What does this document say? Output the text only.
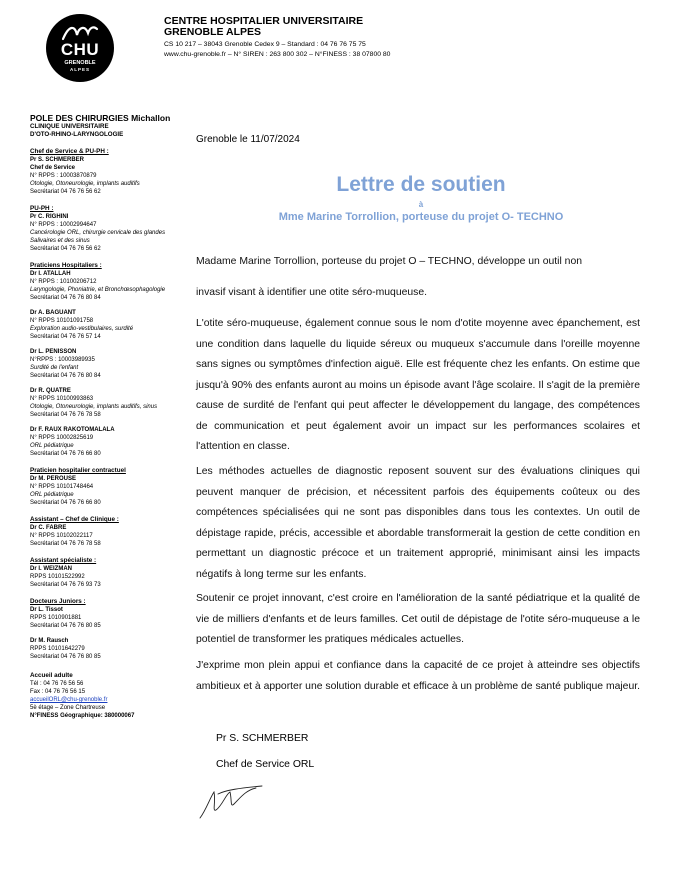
CHU
GRENOBLE
ALPES
CENTRE HOSPITALIER UNIVERSITAIRE
GRENOBLE ALPES
CS 10 217 – 38043 Grenoble Cedex 9 – Standard : 04 76 76 75 75
www.chu-grenoble.fr – N° SIREN : 263 800 302 – N°FINESS : 38 07800 80
POLE DES CHIRURGIES Michallon
CLINIQUE UNIVERSITAIRE
D'OTO-RHINO-LARYNGOLOGIE
Chef de Service & PU-PH :
Pr S. SCHMERBER
Chef de Service
N° RPPS : 10003870879
Otologie, Otoneurologie, implants auditifs
Secrétariat 04 76 76 56 62
PU-PH :
Pr C. RIGHINI
N° RPPS : 10002994647
Cancérologie ORL, chirurgie cervicale des glandes Salivaires et des sinus
Secrétariat 04 76 76 56 62
Praticiens Hospitaliers :
Dr I. ATALLAH
N° RPPS : 10100206712
Laryngologie, Phoniatrie, et Bronchœsophagologie
Secrétariat 04 76 76 80 84
Dr A. BAGUANT
N° RPPS 10101091758
Exploration audio-vestibulaires, surdité
Secrétariat 04 76 76 57 14
Dr L. PENISSON
N°RPPS : 10003989935
Surdité de l'enfant
Secrétariat 04 76 76 80 84
Dr R. QUATRE
N° RPPS 10100993863
Otologie, Otoneurologie, implants auditifs, sinus
Secrétariat 04 76 76 78 58
Dr F. RAUX RAKOTOMALALA
N° RPPS 10002825619
ORL pédiatrique
Secrétariat 04 76 76 66 80
Praticien hospitalier contractuel
Dr M. PEROUSE
N° RPPS 10101748464
ORL pédiatrique
Secrétariat 04 76 76 66 80
Assistant – Chef de Clinique :
Dr C. FABRE
N° RPPS 10102022117
Secrétariat 04 76 76 78 58
Assistant spécialiste :
Dr I. WEIZMAN
RPPS 10101522992
Secrétariat 04 76 76 93 73
Docteurs Juniors :
Dr L. Tissot
RPPS 1010901881
Secrétariat 04 76 76 80 85
Dr M. Rausch
RPPS 10101642279
Secrétariat 04 76 76 80 85
Accueil adulte
Tél : 04 76 76 56 56
Fax : 04 76 76 56 15
accueilORL@chu-grenoble.fr
5è étage – Zone Chartreuse
N°FINESS Géographique: 380000067
Grenoble le 11/07/2024
Lettre de soutien
à
Mme Marine Torrollion, porteuse du projet O- TECHNO

Madame Marine Torrollion, porteuse du projet O – TECHNO, développe un outil non

invasif visant à identifier une otite séro-muqueuse.

L'otite séro-muqueuse, également connue sous le nom d'otite moyenne avec épanchement, est une condition dans laquelle du liquide séreux ou muqueux s'accumule dans l'oreille moyenne sans signes ou symptômes d'infection aiguë. Elle est fréquente chez les enfants. On estime que jusqu'à 90% des enfants auront au moins un épisode avant l'âge scolaire. Il s'agit de la première cause de surdité de l'enfant qui peut affecter le développement du langage, des compétences de communication et peut également avoir un impact sur les performances scolaires et l'attention en classe.

Les méthodes actuelles de diagnostic reposent souvent sur des évaluations cliniques qui peuvent manquer de précision, et nécessitent parfois des équipements coûteux ou des compétences spécialisées qui ne sont pas disponibles dans tous les contextes. Un outil de dépistage rapide, précis, accessible et abordable transformerait la gestion de cette condition en permettant un diagnostic précoce et un traitement approprié, minimisant ainsi les impacts négatifs à long terme sur les enfants.

Soutenir ce projet innovant, c'est croire en l'amélioration de la santé pédiatrique et la qualité de vie de milliers d'enfants et de leurs familles. Cet outil de dépistage de l'otite séro-muqueuse a le potentiel de transformer les pratiques médicales actuelles.

J'exprime mon plein appui et confiance dans la capacité de ce projet à atteindre ses objectifs ambitieux et à apporter une solution durable et efficace à un problème de santé publique majeur.

Pr S. SCHMERBER
Chef de Service ORL
